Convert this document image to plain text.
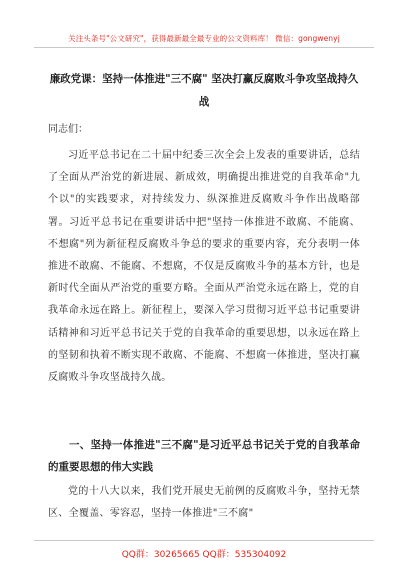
关注头条号"公文研究"，获得最新最全最专业的公文资料库！ 微信：gongwenyj
廉政党课：坚持一体推进"三不腐" 坚决打赢反腐败斗争攻坚战持久战
同志们：
习近平总书记在二十届中纪委三次全会上发表的重要讲话，总结了全面从严治党的新进展、新成效，明确提出推进党的自我革命"九个以"的实践要求，对持续发力、纵深推进反腐败斗争作出战略部署。习近平总书记在重要讲话中把"坚持一体推进不敢腐、不能腐、不想腐"列为新征程反腐败斗争总的要求的重要内容，充分表明一体推进不敢腐、不能腐、不想腐，不仅是反腐败斗争的基本方针，也是新时代全面从严治党的重要方略。全面从严治党永远在路上，党的自我革命永远在路上。新征程上，要深入学习贯彻习近平总书记重要讲话精神和习近平总书记关于党的自我革命的重要思想，以永远在路上的坚韧和执着不断实现不敢腐、不能腐、不想腐一体推进，坚决打赢反腐败斗争攻坚战持久战。
一、坚持一体推进"三不腐"是习近平总书记关于党的自我革命的重要思想的伟大实践
党的十八大以来，我们党开展史无前例的反腐败斗争，坚持无禁区、全覆盖、零容忍，坚持一体推进"三不腐"
QQ群：30265665 QQ群：535304092
